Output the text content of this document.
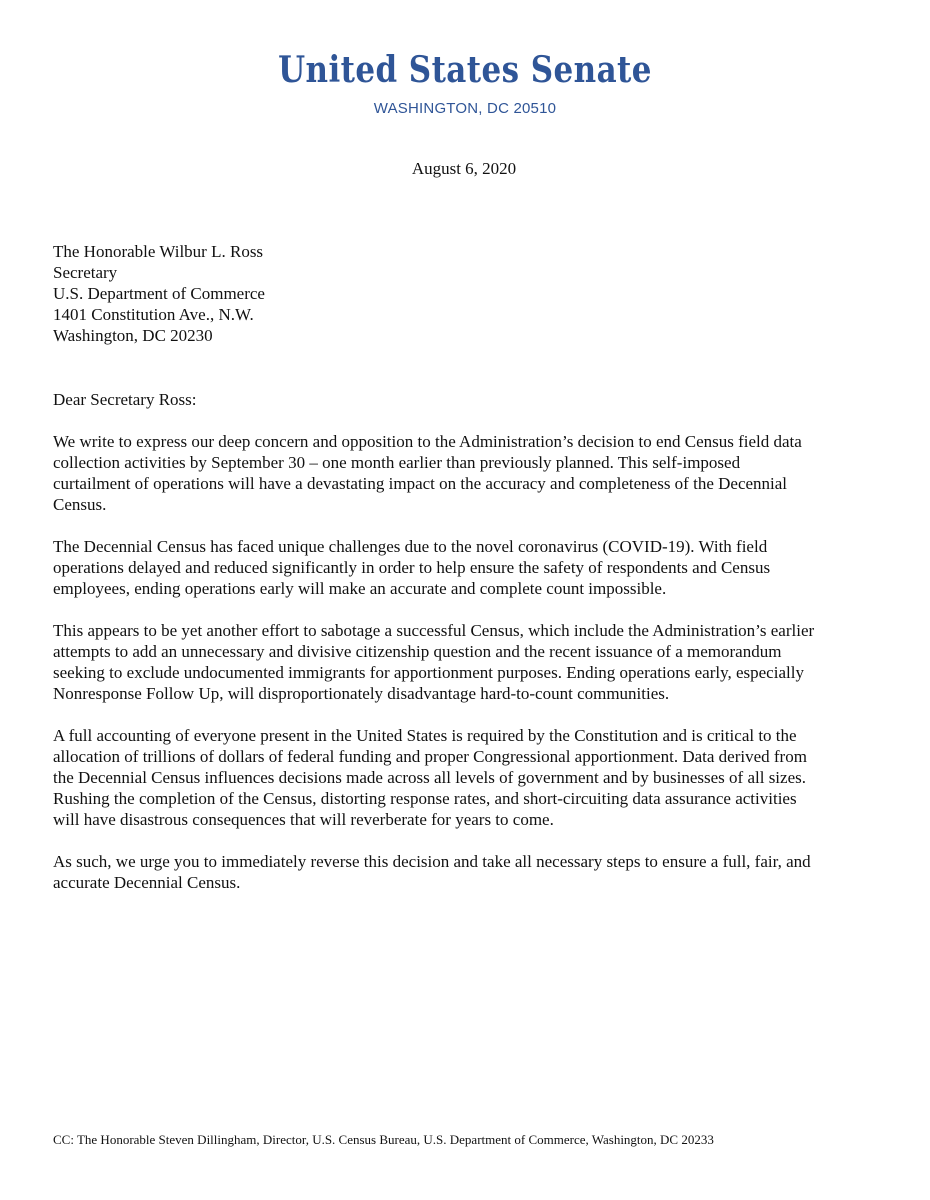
United States Senate
WASHINGTON, DC 20510
August 6, 2020
The Honorable Wilbur L. Ross
Secretary
U.S. Department of Commerce
1401 Constitution Ave., N.W.
Washington, DC 20230
Dear Secretary Ross:
We write to express our deep concern and opposition to the Administration’s decision to end Census field data
collection activities by September 30 – one month earlier than previously planned. This self-imposed
curtailment of operations will have a devastating impact on the accuracy and completeness of the Decennial
Census.
The Decennial Census has faced unique challenges due to the novel coronavirus (COVID-19). With field
operations delayed and reduced significantly in order to help ensure the safety of respondents and Census
employees, ending operations early will make an accurate and complete count impossible.
This appears to be yet another effort to sabotage a successful Census, which include the Administration’s earlier
attempts to add an unnecessary and divisive citizenship question and the recent issuance of a memorandum
seeking to exclude undocumented immigrants for apportionment purposes. Ending operations early, especially
Nonresponse Follow Up, will disproportionately disadvantage hard-to-count communities.
A full accounting of everyone present in the United States is required by the Constitution and is critical to the
allocation of trillions of dollars of federal funding and proper Congressional apportionment. Data derived from
the Decennial Census influences decisions made across all levels of government and by businesses of all sizes.
Rushing the completion of the Census, distorting response rates, and short-circuiting data assurance activities
will have disastrous consequences that will reverberate for years to come.
As such, we urge you to immediately reverse this decision and take all necessary steps to ensure a full, fair, and
accurate Decennial Census.
CC: The Honorable Steven Dillingham, Director, U.S. Census Bureau, U.S. Department of Commerce, Washington, DC 20233
